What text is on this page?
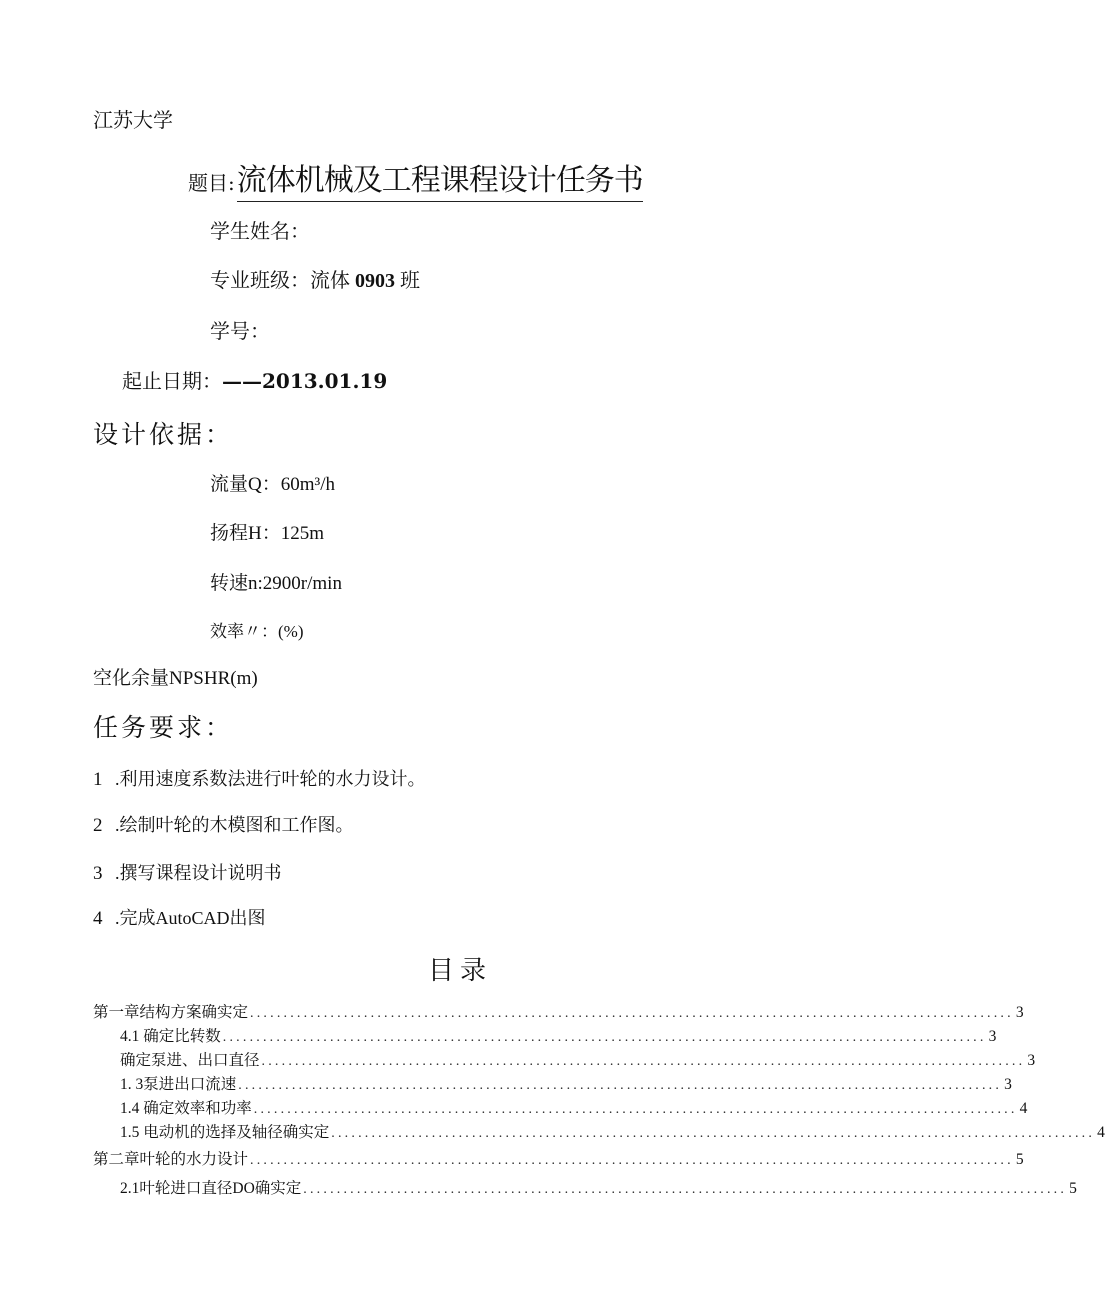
江苏大学
题目:流体机械及工程课程设计任务书
学生姓名：
专业班级：流体 0903 班
学号：
起止日期：——2013.01.19
设计依据：
流量Q：60m³/h
扬程H：125m
转速n:2900r/min
效率〃：(%)
空化余量NPSHR(m)
任务要求：
1 .利用速度系数法进行叶轮的水力设计。
2 .绘制叶轮的木模图和工作图。
3 .撰写课程设计说明书
4 .完成AutoCAD出图
目录
第一章结构方案确实定 .................................................................................................................. 3
4.1 确定比转数 .................................................................................................................. 3
确定泵进、出口直径 .................................................................................................................. 3
1. 3泵进出口流速 .................................................................................................................. 3
1.4 确定效率和功率 .................................................................................................................. 4
1.5 电动机的选择及轴径确实定 .................................................................................................................. 4
第二章叶轮的水力设计 .................................................................................................................. 5
2.1叶轮进口直径DO确实定 .................................................................................................................. 5
